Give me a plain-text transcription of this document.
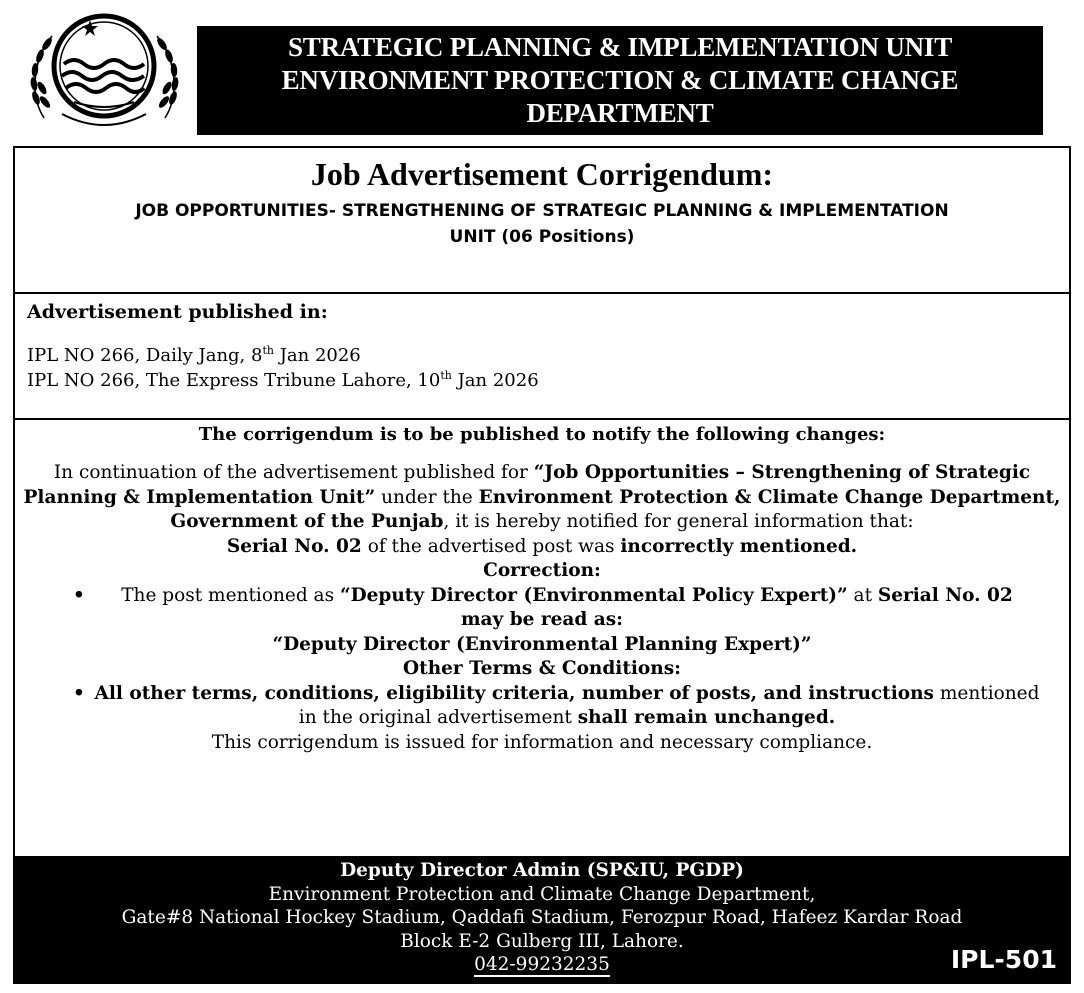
STRATEGIC PLANNING & IMPLEMENTATION UNIT
ENVIRONMENT PROTECTION & CLIMATE CHANGE DEPARTMENT
GOVERNMENT OF THE PUNJAB
Job Advertisement Corrigendum:
JOB OPPORTUNITIES- STRENGTHENING OF STRATEGIC PLANNING & IMPLEMENTATION
UNIT (06 Positions)
Advertisement published in:
IPL NO 266, Daily Jang, 8th Jan 2026
IPL NO 266, The Express Tribune Lahore, 10th Jan 2026
The corrigendum is to be published to notify the following changes:
In continuation of the advertisement published for “Job Opportunities – Strengthening of Strategic Planning & Implementation Unit” under the Environment Protection & Climate Change Department, Government of the Punjab, it is hereby notified for general information that:
Serial No. 02 of the advertised post was incorrectly mentioned.
Correction:
• The post mentioned as “Deputy Director (Environmental Policy Expert)” at Serial No. 02
may be read as:
“Deputy Director (Environmental Planning Expert)”
Other Terms & Conditions:
• All other terms, conditions, eligibility criteria, number of posts, and instructions mentioned in the original advertisement shall remain unchanged.
This corrigendum is issued for information and necessary compliance.
Deputy Director Admin (SP&IU, PGDP)
Environment Protection and Climate Change Department,
Gate#8 National Hockey Stadium, Qaddafi Stadium, Ferozpur Road, Hafeez Kardar Road
Block E-2 Gulberg III, Lahore.
042-99232235	IPL-501
